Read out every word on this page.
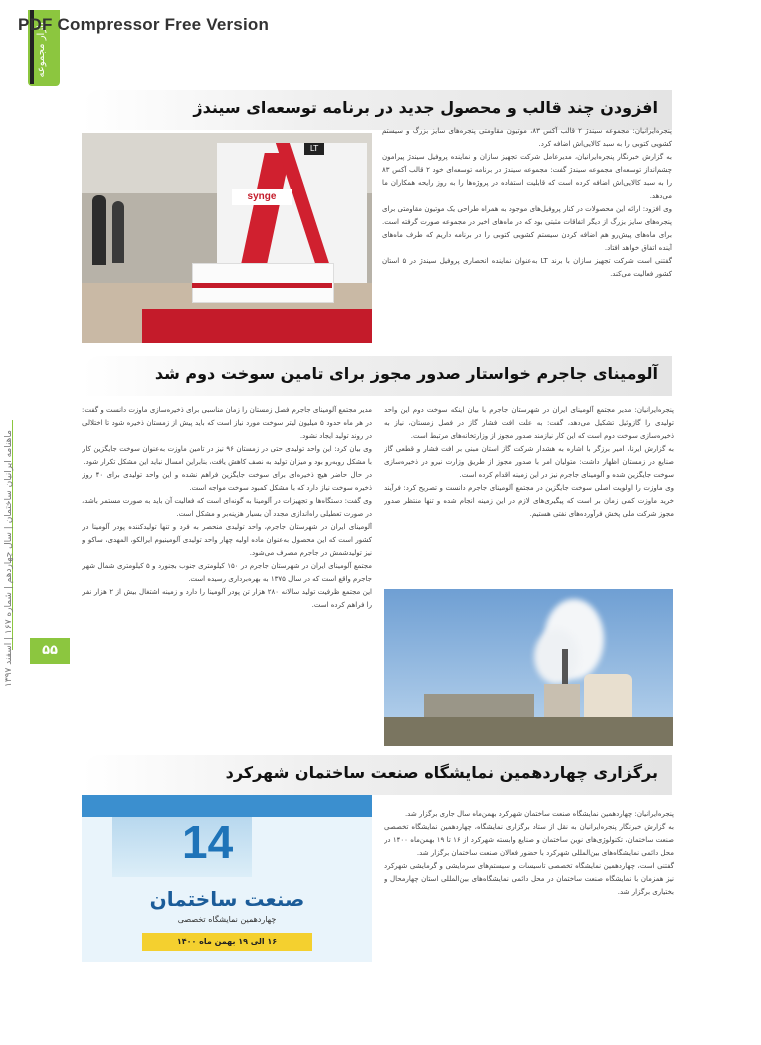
PDF Compressor Free Version
بازار مجموعه
ماهنامه ایرانیان ساختمان | سال چهاردهم | شماره ۱۶۷ | اسفند ۱۳۹۷
۵۵
افزودن چند قالب و محصول جدید در برنامه توسعه‌ای سیندژ
synge
LT

پنجره‌ایرانیان: مجموعه سیندژ ۲ قالب آکس ۸۳، موتیون مقاومتی پنجره‌های سایز بزرگ و سیستم کشویی کتوبی را به سبد کالایی‌اش اضافه کرد.

به گزارش خبرنگار پنجره‌ایرانیان، مدیرعامل شرکت تجهیز سازان و نماینده پروفیل سیندژ پیرامون چشم‌انداز توسعه‌ای مجموعه سیندژ گفت: مجموعه سیندژ در برنامه توسعه‌ای خود ۲ قالب آکس ۸۳ را به سبد کالایی‌اش اضافه کرده است که قابلیت استفاده در پروژه‌ها را به روز رایحه همکاران ما می‌دهد.

وی افزود: ارائه این محصولات در کنار پروفیل‌های موجود به همراه طراحی یک موتیون مقاومتی برای پنجره‌های سایز بزرگ از دیگر اتفاقات مثبتی بود که در ماه‌های اخیر در مجموعه صورت گرفته است. برای ماه‌های پیش‌رو هم اضافه کردن سیستم کشویی کتوبی را در برنامه داریم که طرف ماه‌های آینده اتفاق خواهد افتاد.

گفتنی است شرکت تجهیز سازان با برند LT به‌عنوان نماینده انحصاری پروفیل سیندژ در ۵ استان کشور فعالیت می‌کند.

آلومینای جاجرم خواستار صدور مجوز برای تامین سوخت دوم شد

پنجره‌ایرانیان: مدیر مجتمع آلومینای ایران در شهرستان جاجرم با بیان اینکه سوخت دوم این واحد تولیدی را گازوئیل تشکیل می‌دهد، گفت: به علت افت فشار گاز در فصل زمستان، نیاز به ذخیره‌سازی سوخت دوم است که این کار نیازمند صدور مجوز از وزارتخانه‌های مرتبط است.

به گزارش ایرنا، امیر برزگر با اشاره به هشدار شرکت گاز استان مبنی بر افت فشار و قطعی گاز صنایع در زمستان اظهار داشت: متولیان امر با صدور مجوز از طریق وزارت نیرو در ذخیره‌سازی سوخت جایگزین شده و آلومینای جاجرم نیز در این زمینه اقدام کرده است.

وی ماوزت را اولویت اصلی سوخت جایگزین در مجتمع آلومینای جاجرم دانست و تصریح کرد: فرآیند خرید ماوزت کمی زمان بر است که پیگیری‌های لازم در این زمینه انجام شده و تنها منتظر صدور مجوز شرکت ملی پخش فرآورده‌های نفتی هستیم.

مدیر مجتمع آلومینای جاجرم فصل زمستان را زمان مناسبی برای ذخیره‌سازی ماوزت دانست و گفت: در هر ماه حدود ۵ میلیون لیتر سوخت مورد نیاز است که باید پیش از زمستان ذخیره شود تا اختلالی در روند تولید ایجاد نشود.

وی بیان کرد: این واحد تولیدی حتی در زمستان ۹۶ نیز در تامین ماوزت به‌عنوان سوخت جایگزین کار با مشکل روبه‌رو بود و میزان تولید به نصف کاهش یافت، بنابراین امسال نباید این مشکل تکرار شود.

در حال حاضر هیچ ذخیره‌ای برای سوخت جایگزین فراهم نشده و این واحد تولیدی برای ۴۰ روز ذخیره سوخت نیاز دارد که با مشکل کمبود سوخت مواجه است.

وی گفت: دستگاه‌ها و تجهیزات در آلومینا به گونه‌ای است که فعالیت آن باید به صورت مستمر باشد، در صورت تعطیلی راه‌اندازی مجدد آن بسیار هزینه‌بر و مشکل است.

آلومینای ایران در شهرستان جاجرم، واحد تولیدی منحصر به فرد و تنها تولیدکننده پودر آلومینا در کشور است که این محصول به‌عنوان ماده اولیه چهار واحد تولیدی آلومینیوم ایرالکو، المهدی، ساکو و نیز تولیدشمش در جاجرم مصرف می‌شود.

مجتمع آلومینای ایران در شهرستان جاجرم در ۱۵۰ کیلومتری جنوب بجنورد و ۵ کیلومتری شمال شهر جاجرم واقع است که در سال ۱۳۷۵ به بهره‌برداری رسیده است.

این مجتمع ظرفیت تولید سالانه ۲۸۰ هزار تن پودر آلومینا را دارد و زمینه اشتغال بیش از ۲ هزار نفر را فراهم کرده است.

برگزاری چهاردهمین نمایشگاه صنعت ساختمان شهرکرد
14
صنعت ساختمان
چهاردهمین نمایشگاه تخصصی
۱۶ الی ۱۹ بهمن ماه ۱۴۰۰

پنجره‌ایرانیان: چهاردهمین نمایشگاه صنعت ساختمان شهرکرد بهمن‌ماه سال جاری برگزار شد.

به گزارش خبرنگار پنجره‌ایرانیان به نقل از ستاد برگزاری نمایشگاه، چهاردهمین نمایشگاه تخصصی صنعت ساختمان، تکنولوژی‌های نوین ساختمان و صنایع وابسته شهرکرد از ۱۶ تا ۱۹ بهمن‌ماه ۱۴۰۰ در محل دائمی نمایشگاه‌های بین‌المللی شهرکرد با حضور فعالان صنعت ساختمان برگزار شد.

گفتنی است، چهاردهمین نمایشگاه تخصصی تاسیسات و سیستم‌های سرمایشی و گرمایشی شهرکرد نیز همزمان با نمایشگاه صنعت ساختمان در محل دائمی نمایشگاه‌های بین‌المللی استان چهارمحال و بختیاری برگزار شد.
